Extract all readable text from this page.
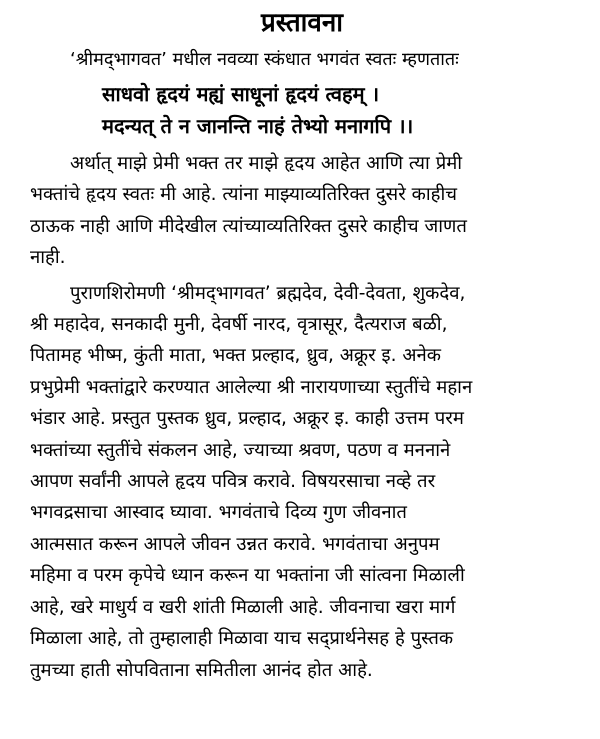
प्रस्तावना
‘श्रीमद्‌भागवत’ मधील नवव्या स्कंधात भगवंत स्वतः म्हणतातः
साधवो हृदयं मह्यं साधूनां हृदयं त्वहम्‌ ।
मदन्यत्‌ ते न जानन्ति नाहं तेभ्यो मनागपि ।।
अर्थात्‌ माझे प्रेमी भक्त तर माझे हृदय आहेत आणि त्या प्रेमी
भक्तांचे हृदय स्वतः मी आहे. त्यांना माझ्याव्यतिरिक्त दुसरे काहीच
ठाऊक नाही आणि मीदेखील त्यांच्याव्यतिरिक्त दुसरे काहीच जाणत
नाही.
पुराणशिरोमणी ‘श्रीमद्‌भागवत’ ब्रह्मदेव, देवी-देवता, शुकदेव,
श्री महादेव, सनकादी मुनी, देवर्षी नारद, वृत्रासूर, दैत्यराज बळी,
पितामह भीष्म, कुंती माता, भक्त प्रल्हाद, ध्रुव, अक्रूर इ. अनेक
प्रभुप्रेमी भक्तांद्वारे करण्यात आलेल्या श्री नारायणाच्या स्तुतींचे महान
भंडार आहे. प्रस्तुत पुस्तक ध्रुव, प्रल्हाद, अक्रूर इ. काही उत्तम परम
भक्तांच्या स्तुतींचे संकलन आहे, ज्याच्या श्रवण, पठण व मननाने
आपण सर्वांनी आपले हृदय पवित्र करावे. विषयरसाचा नव्हे तर
भगवद्रसाचा आस्वाद घ्यावा. भगवंताचे दिव्य गुण जीवनात
आत्मसात करून आपले जीवन उन्नत करावे. भगवंताचा अनुपम
महिमा व परम कृपेचे ध्यान करून या भक्तांना जी सांत्वना मिळाली
आहे, खरे माधुर्य व खरी शांती मिळाली आहे. जीवनाचा खरा मार्ग
मिळाला आहे, तो तुम्हालाही मिळावा याच सद्प्रार्थनेसह हे पुस्तक
तुमच्या हाती सोपविताना समितीला आनंद होत आहे.
